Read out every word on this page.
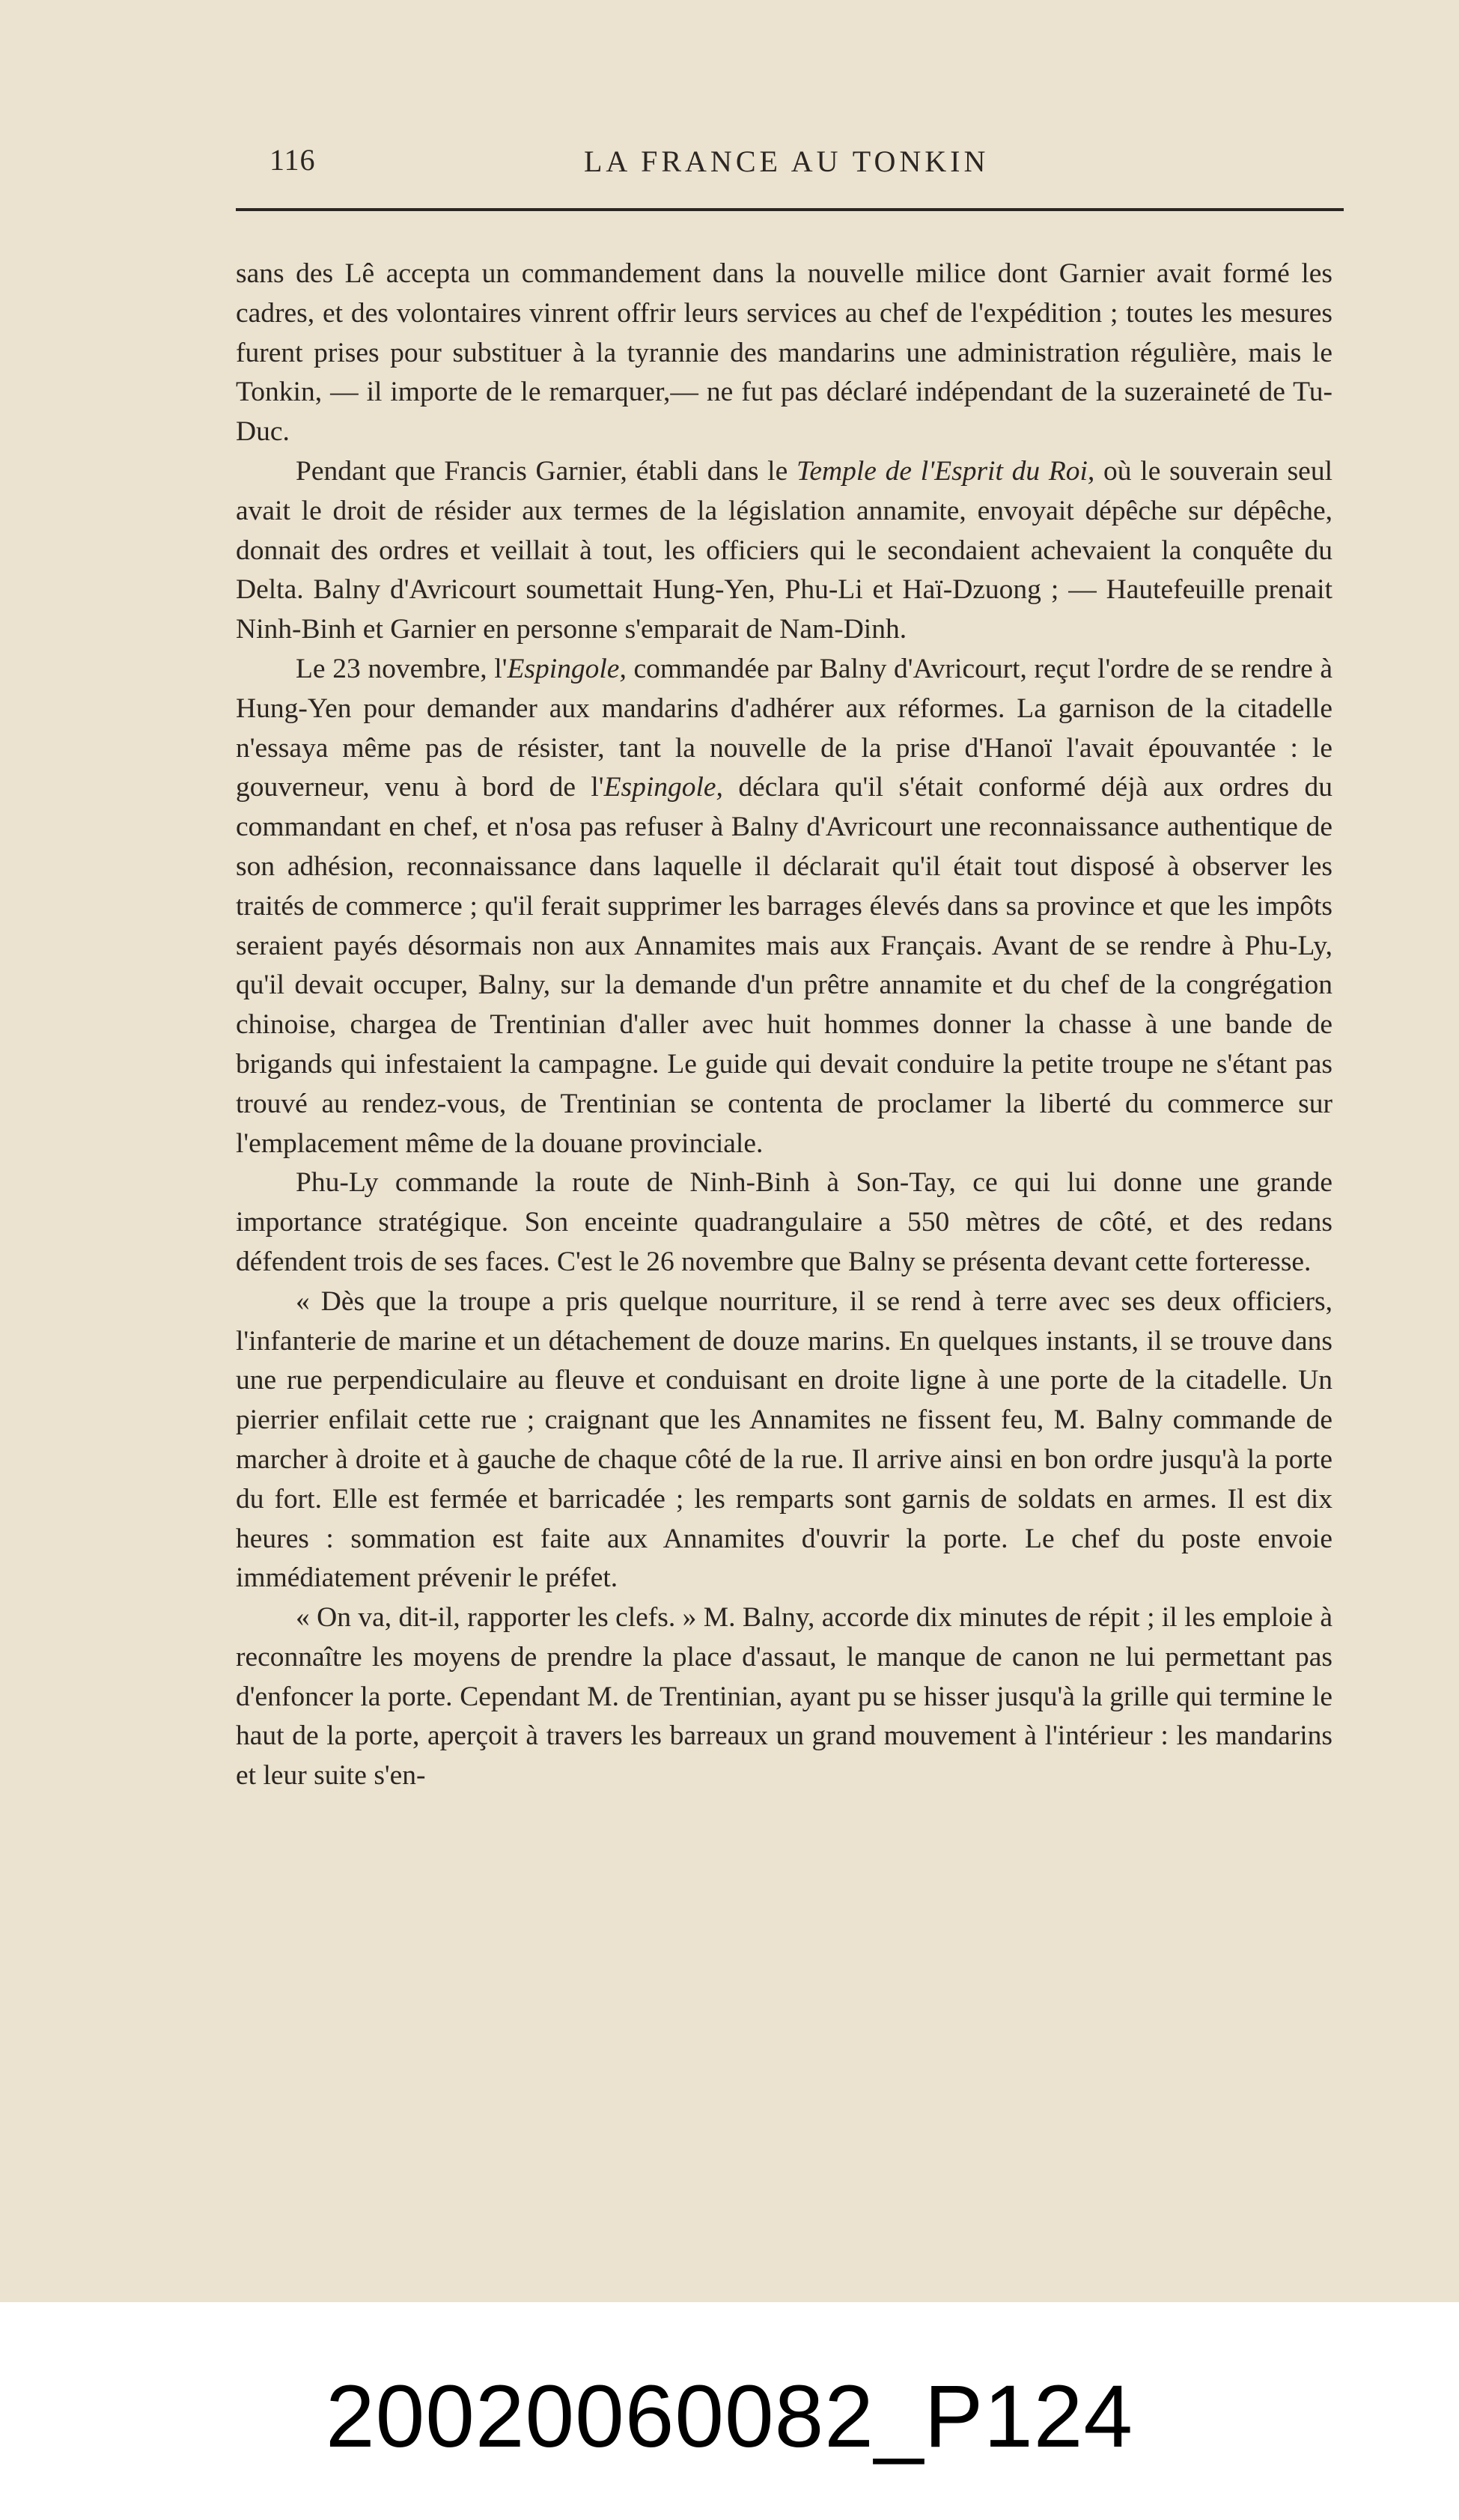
116	LA FRANCE AU TONKIN

sans des Lê accepta un commandement dans la nouvelle milice dont Garnier avait formé les cadres, et des volontaires vinrent offrir leurs services au chef de l'expédition ; toutes les mesures furent prises pour substituer à la tyrannie des mandarins une administration régulière, mais le Tonkin, — il importe de le remarquer,— ne fut pas déclaré indépendant de la suzeraineté de Tu-Duc.

Pendant que Francis Garnier, établi dans le Temple de l'Esprit du Roi, où le souverain seul avait le droit de résider aux termes de la législation annamite, envoyait dépêche sur dépêche, donnait des ordres et veillait à tout, les officiers qui le secondaient achevaient la conquête du Delta. Balny d'Avricourt soumettait Hung-Yen, Phu-Li et Haï-Dzuong ; — Hautefeuille prenait Ninh-Binh et Garnier en personne s'emparait de Nam-Dinh.

Le 23 novembre, l'Espingole, commandée par Balny d'Avricourt, reçut l'ordre de se rendre à Hung-Yen pour demander aux mandarins d'adhérer aux réformes. La garnison de la citadelle n'essaya même pas de résister, tant la nouvelle de la prise d'Hanoï l'avait épouvantée : le gouverneur, venu à bord de l'Espingole, déclara qu'il s'était conformé déjà aux ordres du commandant en chef, et n'osa pas refuser à Balny d'Avricourt une reconnaissance authentique de son adhésion, reconnaissance dans laquelle il déclarait qu'il était tout disposé à observer les traités de commerce ; qu'il ferait supprimer les barrages élevés dans sa province et que les impôts seraient payés désormais non aux Annamites mais aux Français. Avant de se rendre à Phu-Ly, qu'il devait occuper, Balny, sur la demande d'un prêtre annamite et du chef de la congrégation chinoise, chargea de Trentinian d'aller avec huit hommes donner la chasse à une bande de brigands qui infestaient la campagne. Le guide qui devait conduire la petite troupe ne s'étant pas trouvé au rendez-vous, de Trentinian se contenta de proclamer la liberté du commerce sur l'emplacement même de la douane provinciale.

Phu-Ly commande la route de Ninh-Binh à Son-Tay, ce qui lui donne une grande importance stratégique. Son enceinte quadrangulaire a 550 mètres de côté, et des redans défendent trois de ses faces. C'est le 26 novembre que Balny se présenta devant cette forteresse.

« Dès que la troupe a pris quelque nourriture, il se rend à terre avec ses deux officiers, l'infanterie de marine et un détachement de douze marins. En quelques instants, il se trouve dans une rue perpendiculaire au fleuve et conduisant en droite ligne à une porte de la citadelle. Un pierrier enfilait cette rue ; craignant que les Annamites ne fissent feu, M. Balny commande de marcher à droite et à gauche de chaque côté de la rue. Il arrive ainsi en bon ordre jusqu'à la porte du fort. Elle est fermée et barricadée ; les remparts sont garnis de soldats en armes. Il est dix heures : sommation est faite aux Annamites d'ouvrir la porte. Le chef du poste envoie immédiatement prévenir le préfet.

« On va, dit-il, rapporter les clefs. » M. Balny, accorde dix minutes de répit ; il les emploie à reconnaître les moyens de prendre la place d'assaut, le manque de canon ne lui permettant pas d'enfoncer la porte. Cependant M. de Trentinian, ayant pu se hisser jusqu'à la grille qui termine le haut de la porte, aperçoit à travers les barreaux un grand mouvement à l'intérieur : les mandarins et leur suite s'en-

20020060082_P124
